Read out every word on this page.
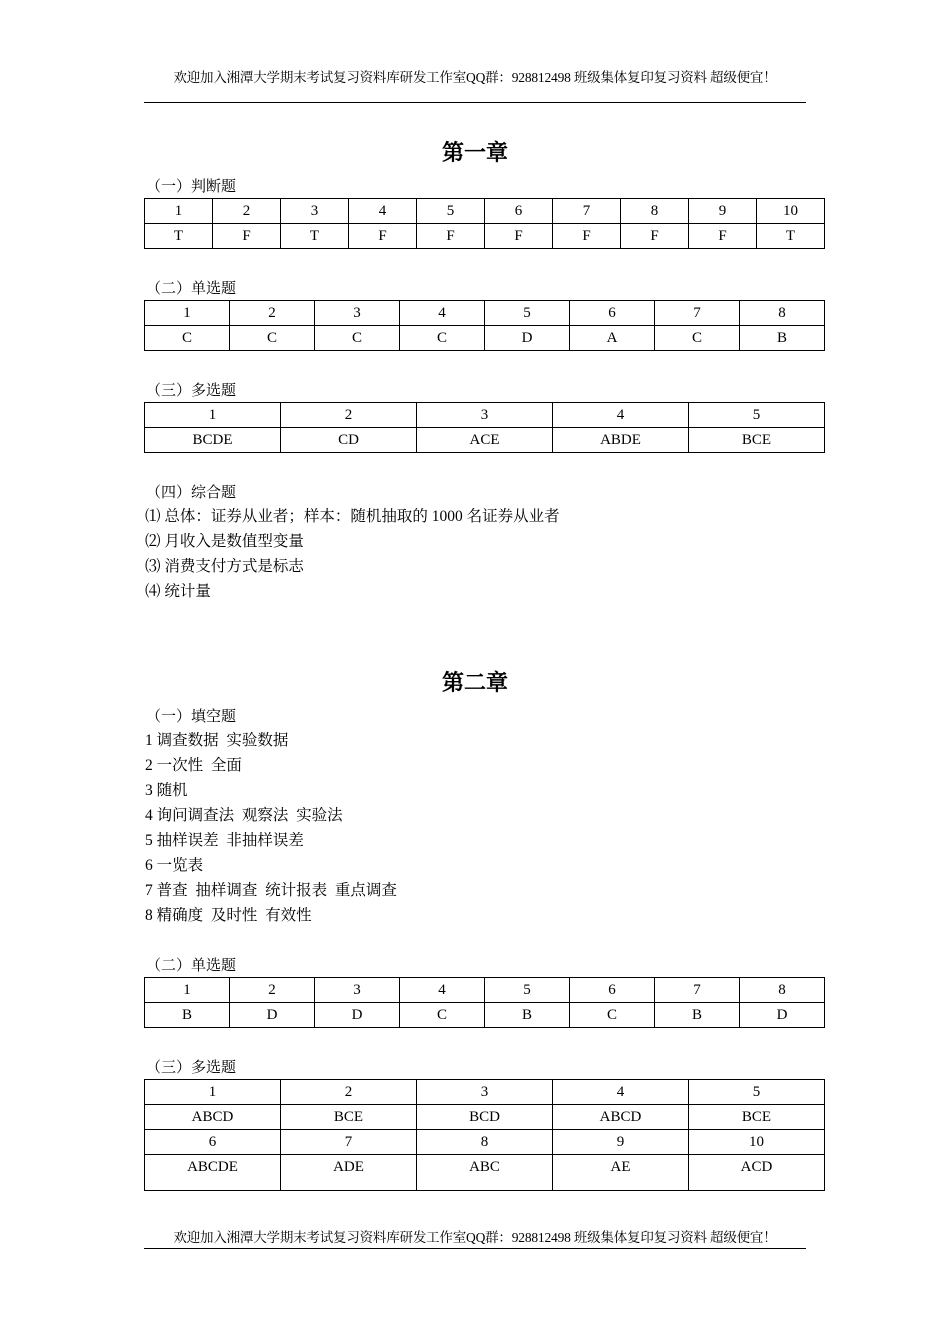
欢迎加入湘潭大学期末考试复习资料库研发工作室QQ群：928812498 班级集体复印复习资料 超级便宜！
第一章
（一）判断题
1	2	3	4	5	6	7	8	9	10
T	F	T	F	F	F	F	F	F	T
（二）单选题
1	2	3	4	5	6	7	8
C	C	C	C	D	A	C	B
（三）多选题
1	2	3	4	5
BCDE	CD	ACE	ABDE	BCE
（四）综合题
⑴ 总体：证券从业者；样本：随机抽取的 1000 名证券从业者
⑵ 月收入是数值型变量
⑶ 消费支付方式是标志
⑷ 统计量
第二章
（一）填空题
1 调查数据  实验数据
2 一次性  全面
3 随机
4 询问调查法  观察法  实验法
5 抽样误差  非抽样误差
6 一览表
7 普查  抽样调查  统计报表  重点调查
8 精确度  及时性  有效性
（二）单选题
1	2	3	4	5	6	7	8
B	D	D	C	B	C	B	D
（三）多选题
1	2	3	4	5
ABCD	BCE	BCD	ABCD	BCE
6	7	8	9	10
ABCDE	ADE	ABC	AE	ACD
欢迎加入湘潭大学期末考试复习资料库研发工作室QQ群：928812498 班级集体复印复习资料 超级便宜！
